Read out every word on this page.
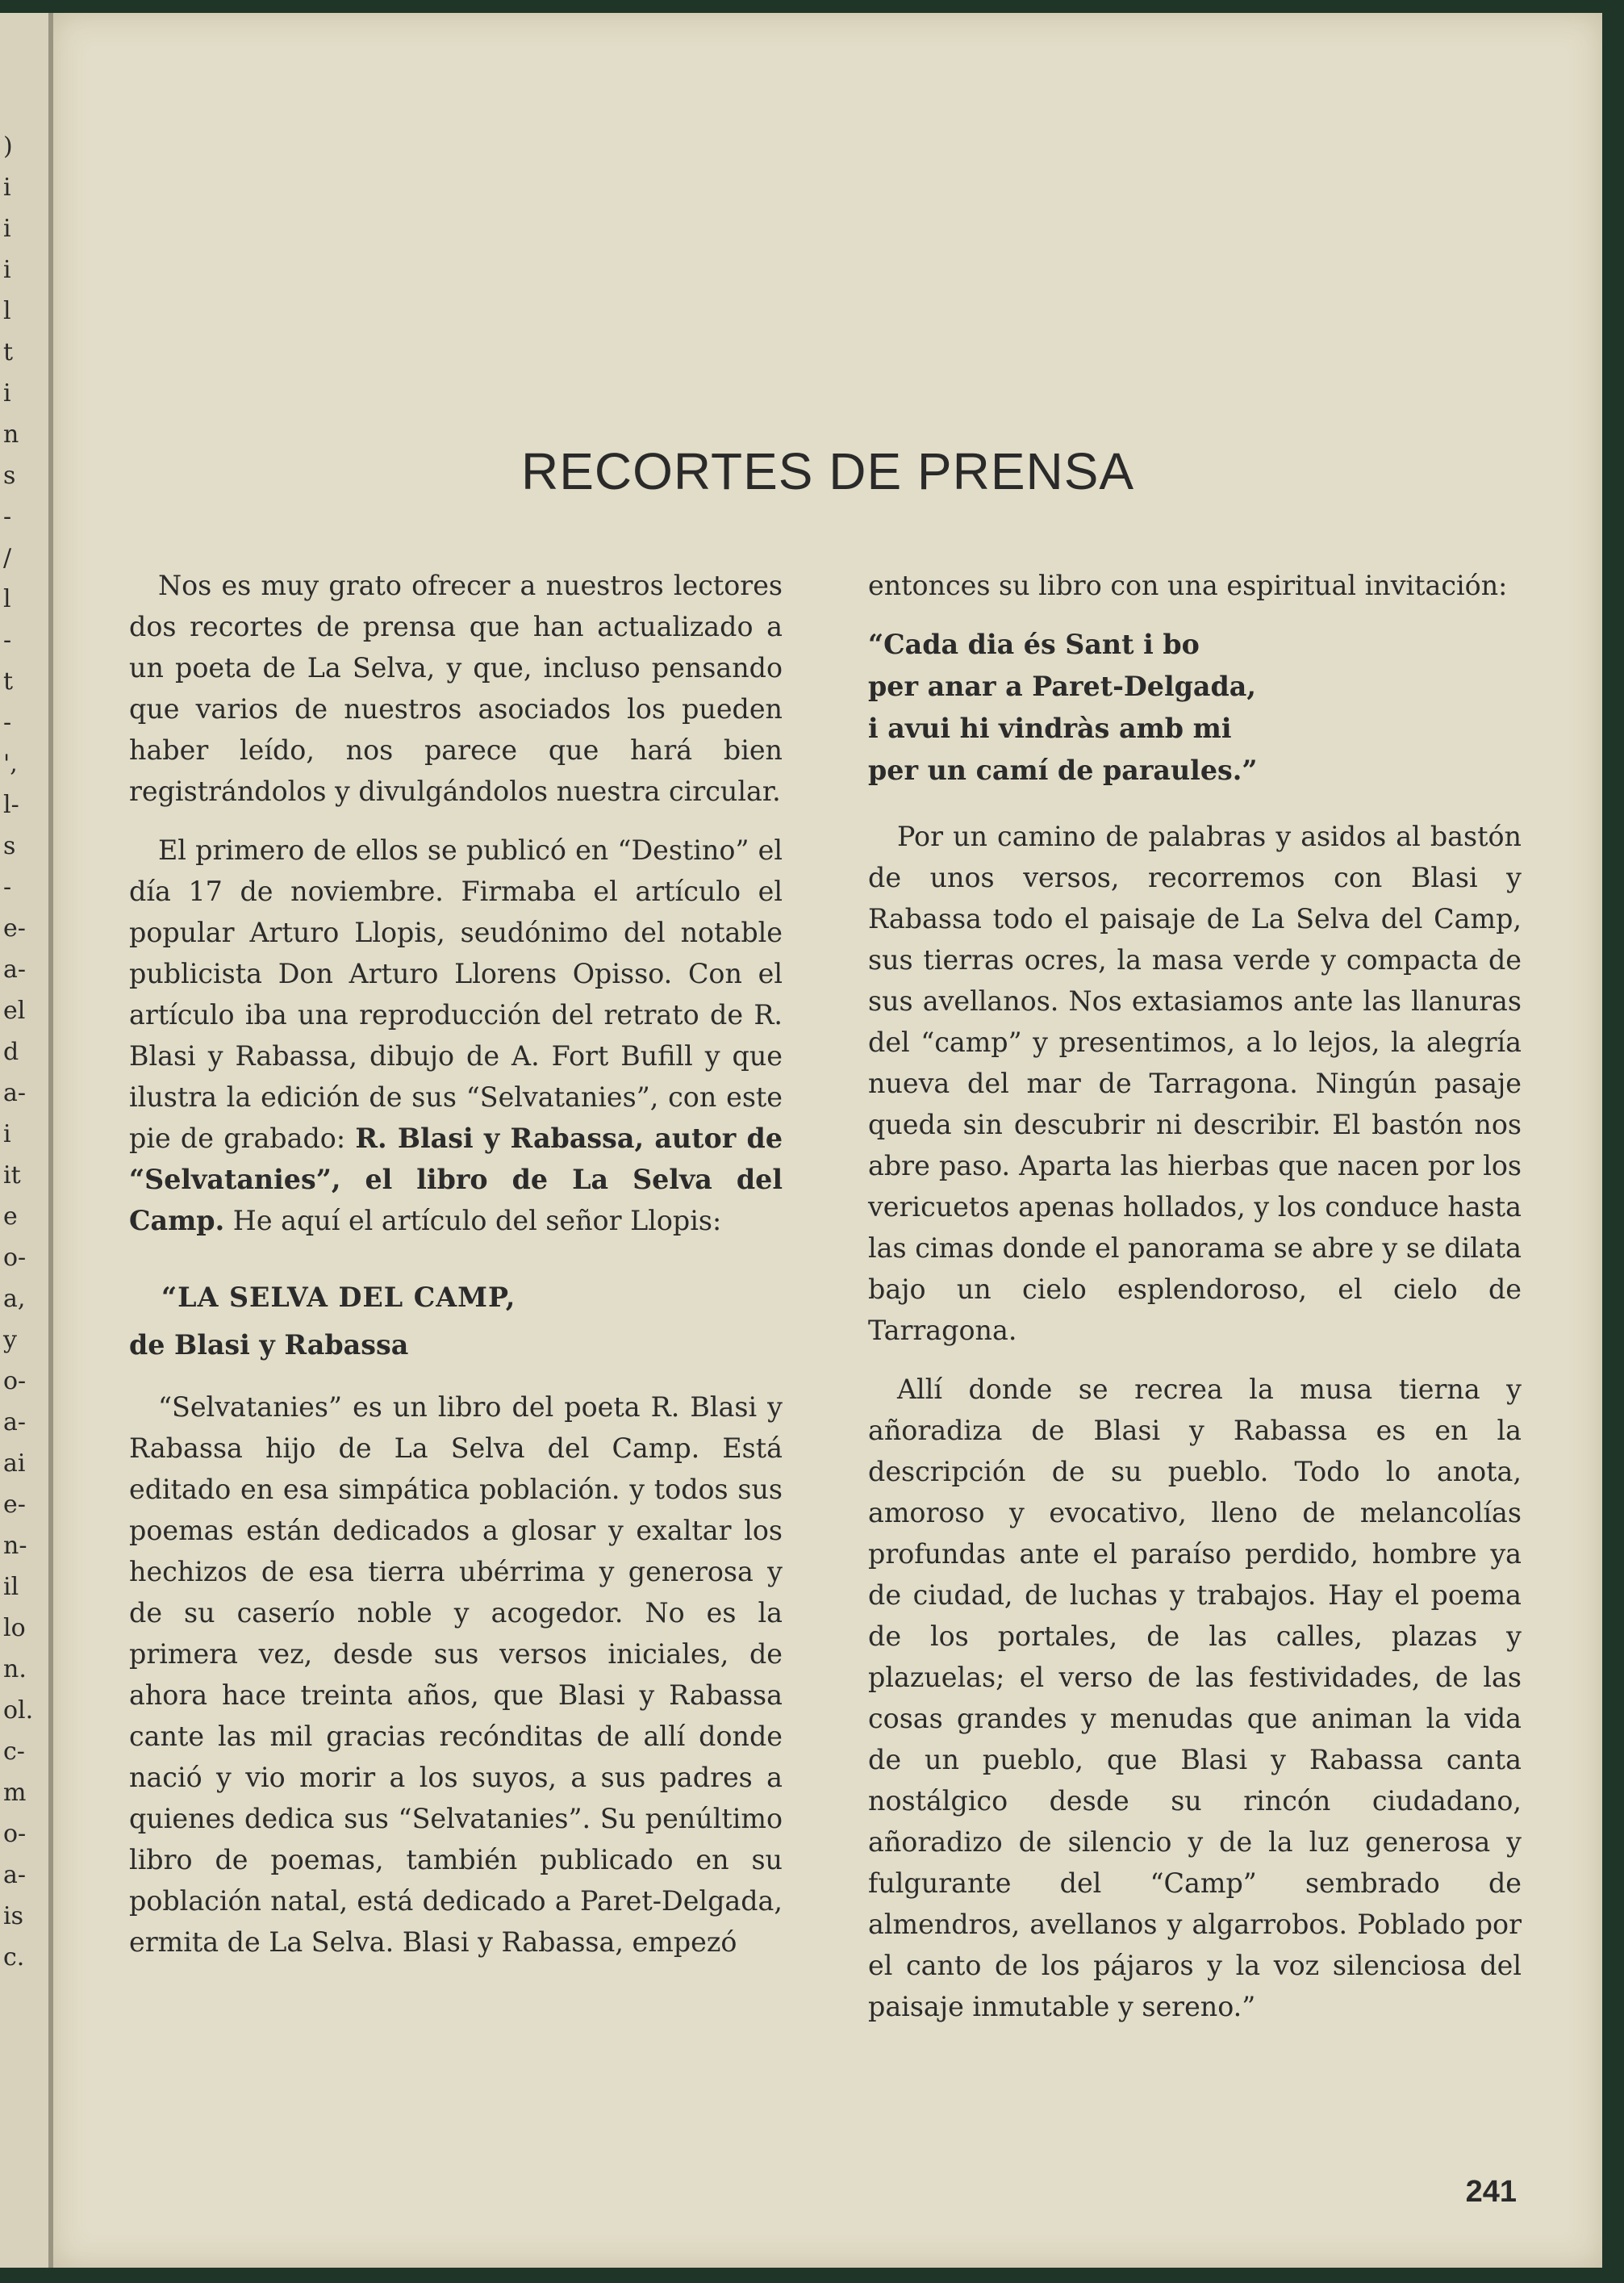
)
i
i
i
l
t
i
n
s
-
/
l
-
t
-
',
l-
s
-
e-
a-
el
d
a-
i
it
e
o-
a,
y
o-
a-
ai
e-
n-
il
lo
n.
ol.
c-
m
o-
a-
is
c.
RECORTES DE PRENSA

Nos es muy grato ofrecer a nuestros lectores dos recortes de prensa que han actualizado a un poeta de La Selva, y que, incluso pensando que varios de nuestros asociados los pueden haber leído, nos parece que hará bien registrándolos y divulgándolos nuestra circular.

El primero de ellos se publicó en “Destino” el día 17 de noviembre. Firmaba el artículo el popular Arturo Llopis, seudónimo del notable publicista Don Arturo Llorens Opisso. Con el artículo iba una reproducción del retrato de R. Blasi y Rabassa, dibujo de A. Fort Bufill y que ilustra la edición de sus “Selvatanies”, con este pie de grabado: R. Blasi y Rabassa, autor de “Selvatanies”, el libro de La Selva del Camp. He aquí el artículo del señor Llopis:

“LA SELVA DEL CAMP,

de Blasi y Rabassa

“Selvatanies” es un libro del poeta R. Blasi y Rabassa hijo de La Selva del Camp. Está editado en esa simpática población. y todos sus poemas están dedicados a glosar y exaltar los hechizos de esa tierra ubérrima y generosa y de su caserío noble y acogedor. No es la primera vez, desde sus versos iniciales, de ahora hace treinta años, que Blasi y Rabassa cante las mil gracias recónditas de allí donde nació y vio morir a los suyos, a sus padres a quienes dedica sus “Selvatanies”. Su penúltimo libro de poemas, también publicado en su población natal, está dedicado a Paret-Delgada, ermita de La Selva. Blasi y Rabassa, empezó

entonces su libro con una espiritual invitación:

“Cada dia és Sant i bo
per anar a Paret-Delgada,
i avui hi vindràs amb mi
per un camí de paraules.”

Por un camino de palabras y asidos al bastón de unos versos, recorremos con Blasi y Rabassa todo el paisaje de La Selva del Camp, sus tierras ocres, la masa verde y compacta de sus avellanos. Nos extasiamos ante las llanuras del “camp” y presentimos, a lo lejos, la alegría nueva del mar de Tarragona. Ningún pasaje queda sin descubrir ni describir. El bastón nos abre paso. Aparta las hierbas que nacen por los vericuetos apenas hollados, y los conduce hasta las cimas donde el panorama se abre y se dilata bajo un cielo esplendoroso, el cielo de Tarragona.

Allí donde se recrea la musa tierna y añoradiza de Blasi y Rabassa es en la descripción de su pueblo. Todo lo anota, amoroso y evocativo, lleno de melancolías profundas ante el paraíso perdido, hombre ya de ciudad, de luchas y trabajos. Hay el poema de los portales, de las calles, plazas y plazuelas; el verso de las festividades, de las cosas grandes y menudas que animan la vida de un pueblo, que Blasi y Rabassa canta nostálgico desde su rincón ciudadano, añoradizo de silencio y de la luz generosa y fulgurante del “Camp” sembrado de almendros, avellanos y algarrobos. Poblado por el canto de los pájaros y la voz silenciosa del paisaje inmutable y sereno.”

241
